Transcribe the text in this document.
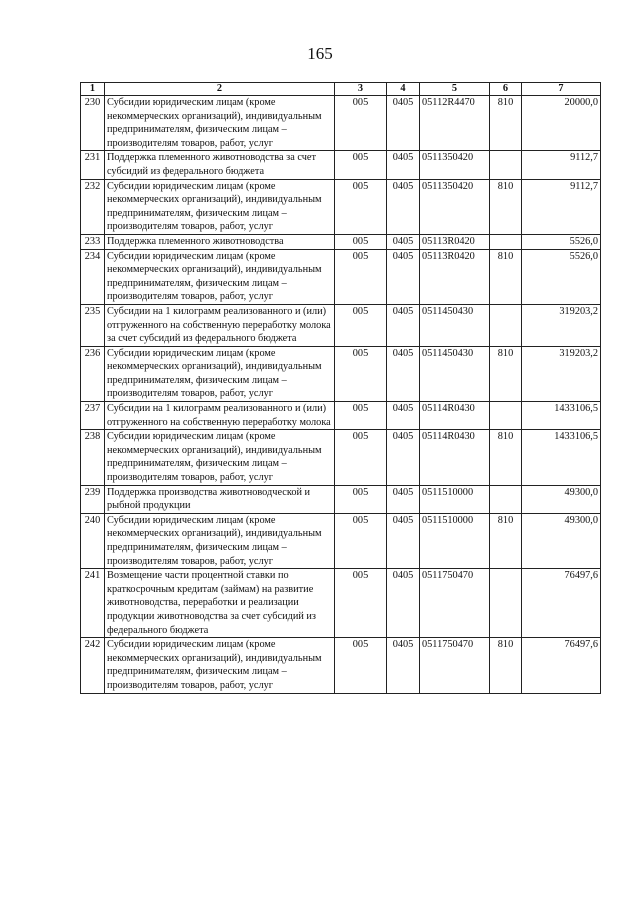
165
1	2	3	4	5	6	7
230	Субсидии юридическим лицам (кроме некоммерческих организаций), индивидуальным предпринимателям, физическим лицам – производителям товаров, работ, услуг	005	0405	05112R4470	810	20000,0
231	Поддержка племенного животноводства за счет субсидий из федерального бюджета	005	0405	0511350420		9112,7
232	Субсидии юридическим лицам (кроме некоммерческих организаций), индивидуальным предпринимателям, физическим лицам – производителям товаров, работ, услуг	005	0405	0511350420	810	9112,7
233	Поддержка племенного животноводства	005	0405	05113R0420		5526,0
234	Субсидии юридическим лицам (кроме некоммерческих организаций), индивидуальным предпринимателям, физическим лицам – производителям товаров, работ, услуг	005	0405	05113R0420	810	5526,0
235	Субсидии на 1 килограмм реализованного и (или) отгруженного на собственную переработку молока за счет субсидий из федерального бюджета	005	0405	0511450430		319203,2
236	Субсидии юридическим лицам (кроме некоммерческих организаций), индивидуальным предпринимателям, физическим лицам – производителям товаров, работ, услуг	005	0405	0511450430	810	319203,2
237	Субсидии на 1 килограмм реализованного и (или) отгруженного на собственную переработку молока	005	0405	05114R0430		1433106,5
238	Субсидии юридическим лицам (кроме некоммерческих организаций), индивидуальным предпринимателям, физическим лицам – производителям товаров, работ, услуг	005	0405	05114R0430	810	1433106,5
239	Поддержка производства животноводческой и рыбной продукции	005	0405	0511510000		49300,0
240	Субсидии юридическим лицам (кроме некоммерческих организаций), индивидуальным предпринимателям, физическим лицам – производителям товаров, работ, услуг	005	0405	0511510000	810	49300,0
241	Возмещение части процентной ставки по краткосрочным кредитам (займам) на развитие животноводства, переработки и реализации продукции животноводства за счет субсидий из федерального бюджета	005	0405	0511750470		76497,6
242	Субсидии юридическим лицам (кроме некоммерческих организаций), индивидуальным предпринимателям, физическим лицам – производителям товаров, работ, услуг	005	0405	0511750470	810	76497,6
